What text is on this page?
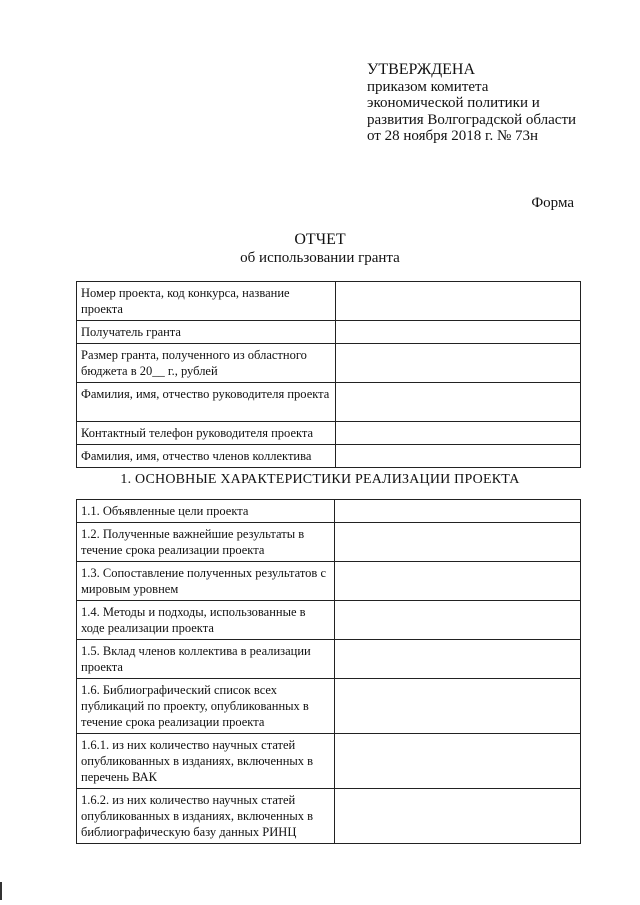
УТВЕРЖДЕНА
приказом комитета
экономической политики и
развития Волгоградской области
от 28 ноября 2018 г. № 73н
Форма
ОТЧЕТ
об использовании гранта
Номер проекта, код конкурса, название проекта	
Получатель гранта	
Размер гранта, полученного из областного бюджета в 20__ г., рублей	
Фамилия, имя, отчество руководителя проекта	
Контактный телефон руководителя проекта	
Фамилия, имя, отчество членов коллектива	
1. ОСНОВНЫЕ ХАРАКТЕРИСТИКИ РЕАЛИЗАЦИИ ПРОЕКТА
1.1. Объявленные цели проекта	
1.2. Полученные важнейшие результаты в течение срока реализации проекта	
1.3. Сопоставление полученных результатов с мировым уровнем	
1.4. Методы и подходы, использованные в ходе реализации проекта	
1.5. Вклад членов коллектива в реализации проекта	
1.6. Библиографический список всех публикаций по проекту, опубликованных в течение срока реализации проекта	
1.6.1. из них количество научных статей опубликованных в изданиях, включенных в перечень ВАК	
1.6.2. из них количество научных статей опубликованных в изданиях, включенных в библиографическую базу данных РИНЦ	
